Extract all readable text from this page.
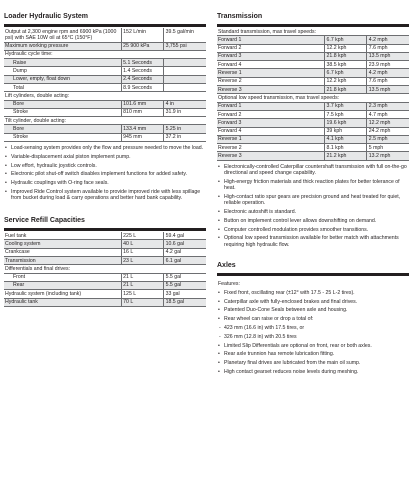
Loader Hydraulic System
Output at 2,300 engine rpm and 6900 kPa (1000 psi) with SAE 10W oil at 65°C (150°F)	152 L/min	39.5 gal/min
Maximum working pressure	25 900 kPa	3,755 psi
Hydraulic cycle time:		
Raise	5.1 Seconds	
Dump	1.4 Seconds	
Lower, empty, float down	2.4 Seconds	
Total	8.9 Seconds	
Lift cylinders, double acting:		
Bore	101.6 mm	4 in
Stroke	810 mm	31.9 in
Tilt cylinder, double acting:		
Bore	133.4 mm	5.25 in
Stroke	945 mm	37.2 in
• Load-sensing system provides only the flow and pressure needed to move the load.
• Variable-displacement axial piston implement pump.
• Low effort, hydraulic joystick controls.
• Electronic pilot shut-off switch disables implement functions for added safety.
• Hydraulic couplings with O-ring face seals.
• Improved Ride Control system available to provide improved ride with less spillage from bucket during load & carry operations and better hard bank capability.
Service Refill Capacities
Fuel tank	225 L	59.4 gal
Cooling system	40 L	10.6 gal
Crankcase	16 L	4.2 gal
Transmission	23 L	6.1 gal
Differentials and final drives:		
Front	21 L	5.5 gal
Rear	21 L	5.5 gal
Hydraulic system (including tank)	125 L	33 gal
Hydraulic tank	70 L	18.5 gal
Transmission
Standard transmission, max travel speeds:		
Forward 1	6.7 kph	4.2 mph
Forward 2	12.2 kph	7.6 mph
Forward 3	21.8 kph	13.5 mph
Forward 4	38.5 kph	23.9 mph
Reverse 1	6.7 kph	4.2 mph
Reverse 2	12.2 kph	7.6 mph
Reverse 3	21.8 kph	13.5 mph
Optional low speed transmission, max travel speeds:		
Forward 1	3.7 kph	2.3 mph
Forward 2	7.5 kph	4.7 mph
Forward 3	19.6 kph	12.2 mph
Forward 4	39 kph	24.2 mph
Reverse 1	4.1 kph	2.5 mph
Reverse 2	8.1 kph	5 mph
Reverse 3	21.2 kph	13.2 mph
• Electronically-controlled Caterpillar countershaft transmission with full on-the-go directional and speed change capability.
• High-energy friction materials and thick reaction plates for better tolerance of heat.
• High-contact ratio spur gears are precision ground and heat treated for quiet, reliable operation.
• Electronic autoshift is standard.
• Button on implement control lever allows downshifting on demand.
• Computer controlled modulation provides smoother transitions.
• Optional low speed transmission available for better match with attachments requiring high hydraulic flow.
Axles
Features:
• Fixed front, oscillating rear (±12° with 17.5 - 25 L-2 tires).
• Caterpillar axle with fully-enclosed brakes and final drives.
• Patented Duo-Cone Seals between axle and housing.
• Rear wheel can raise or drop a total of:
- 423 mm (16.6 in) with 17.5 tires, or
- 326 mm (12.8 in) with 20.5 tires
• Limited Slip Differentials are optional on front, rear or both axles.
• Rear axle trunnion has remote lubrication fitting.
• Planetary final drives are lubricated from the main oil sump.
• High contact gearset reduces noise levels during meshing.
